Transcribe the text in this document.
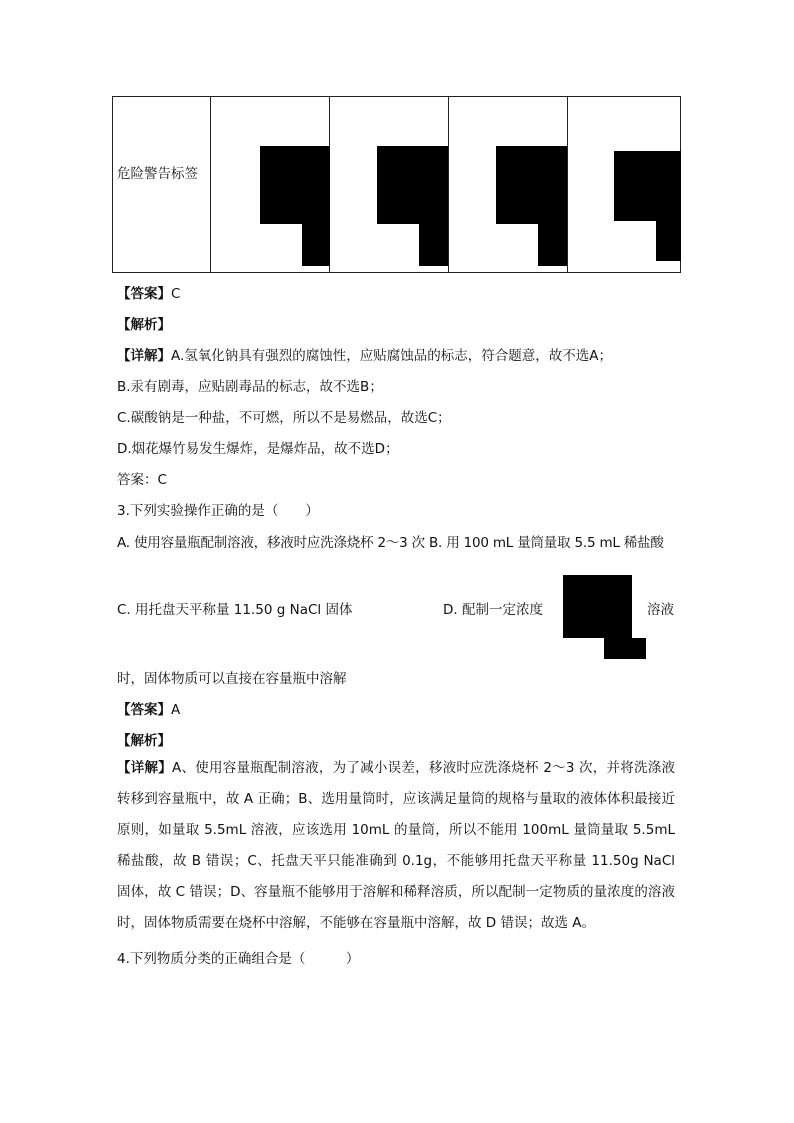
危险警告标签
【答案】C
【解析】
【详解】A.氢氧化钠具有强烈的腐蚀性，应贴腐蚀品的标志，符合题意，故不选A；
B.汞有剧毒，应贴剧毒品的标志，故不选B；
C.碳酸钠是一种盐，不可燃，所以不是易燃品，故选C；
D.烟花爆竹易发生爆炸，是爆炸品，故不选D；
答案：C
3.下列实验操作正确的是（　　）
A. 使用容量瓶配制溶液，移液时应洗涤烧杯 2～3 次 B. 用 100 mL 量筒量取 5.5 mL 稀盐酸
C. 用托盘天平称量 11.50 g NaCl 固体	D. 配制一定浓度	溶液
时，固体物质可以直接在容量瓶中溶解
【答案】A
【解析】
【详解】A、使用容量瓶配制溶液，为了减小误差，移液时应洗涤烧杯 2～3 次，并将洗涤液转移到容量瓶中，故 A 正确；B、选用量筒时，应该满足量筒的规格与量取的液体体积最接近原则，如量取 5.5mL 溶液，应该选用 10mL 的量筒，所以不能用 100mL 量筒量取 5.5mL 稀盐酸，故 B 错误；C、托盘天平只能准确到 0.1g，不能够用托盘天平称量 11.50g NaCl 固体，故 C 错误；D、容量瓶不能够用于溶解和稀释溶质，所以配制一定物质的量浓度的溶液时，固体物质需要在烧杯中溶解，不能够在容量瓶中溶解，故 D 错误；故选 A。
4.下列物质分类的正确组合是（　　　）
